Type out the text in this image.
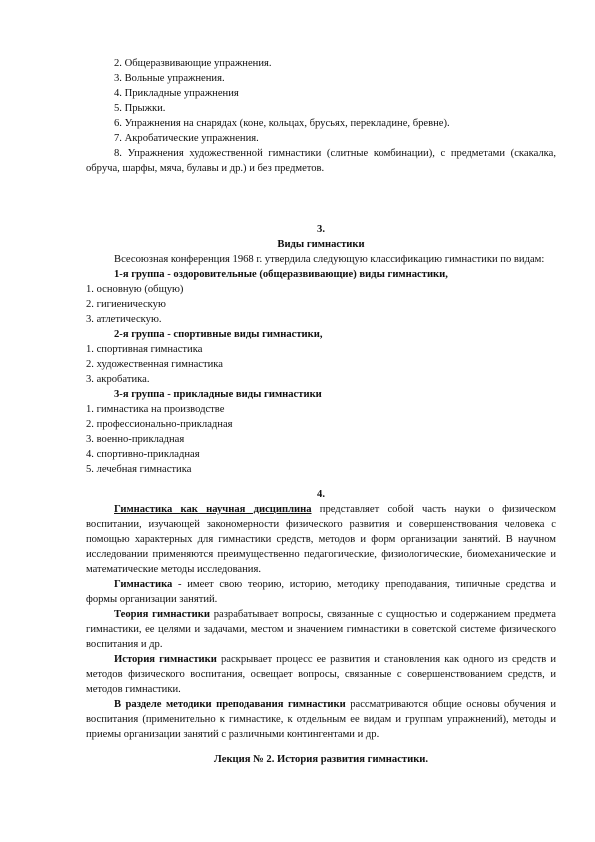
2. Общеразвивающие упражнения.

3. Вольные упражнения.

4. Прикладные упражнения

5. Прыжки.

6. Упражнения на снарядах (коне, кольцах, брусьях, перекладине, бревне).

7. Акробатические упражнения.

8. Упражнения художественной гимнастики (слитные комбинации), с предметами (скакалка, обруча, шарфы, мяча, булавы и др.) и без предметов.

3.

Виды гимнастики

Всесоюзная конференция 1968 г. утвердила следующую классификацию гимнастики по видам:

1-я группа - оздоровительные (общеразвивающие) виды гимнастики,

1. основную (общую)

2. гигиеническую

3. атлетическую.

2-я группа - спортивные виды гимнастики,

1. спортивная гимнастика

2. художественная гимнастика

3. акробатика.

3-я группа - прикладные виды гимнастики

1. гимнастика на производстве

2. профессионально-прикладная

3. военно-прикладная

4. спортивно-прикладная

5. лечебная гимнастика

4.

Гимнастика как научная дисциплина представляет собой часть науки о физическом воспитании, изучающей закономерности физического развития и совершенствования человека с помощью характерных для гимнастики средств, методов и форм организации занятий. В научном исследовании применяются преимущественно педагогические, физиологические, биомеханические и математические методы исследования.

Гимнастика - имеет свою теорию, историю, методику преподавания, типичные средства и формы организации занятий.

Теория гимнастики разрабатывает вопросы, связанные с сущностью и содержанием предмета гимнастики, ее целями и задачами, местом и значением гимнастики в советской системе физического воспитания и др.

История гимнастики раскрывает процесс ее развития и становления как одного из средств и методов физического воспитания, освещает вопросы, связанные с совершенствованием средств, и методов гимнастики.

В разделе методики преподавания гимнастики рассматриваются общие основы обучения и воспитания (применительно к гимнастике, к отдельным ее видам и группам упражнений), методы и приемы организации занятий с различными контингентами и др.

Лекция № 2. История развития гимнастики.
